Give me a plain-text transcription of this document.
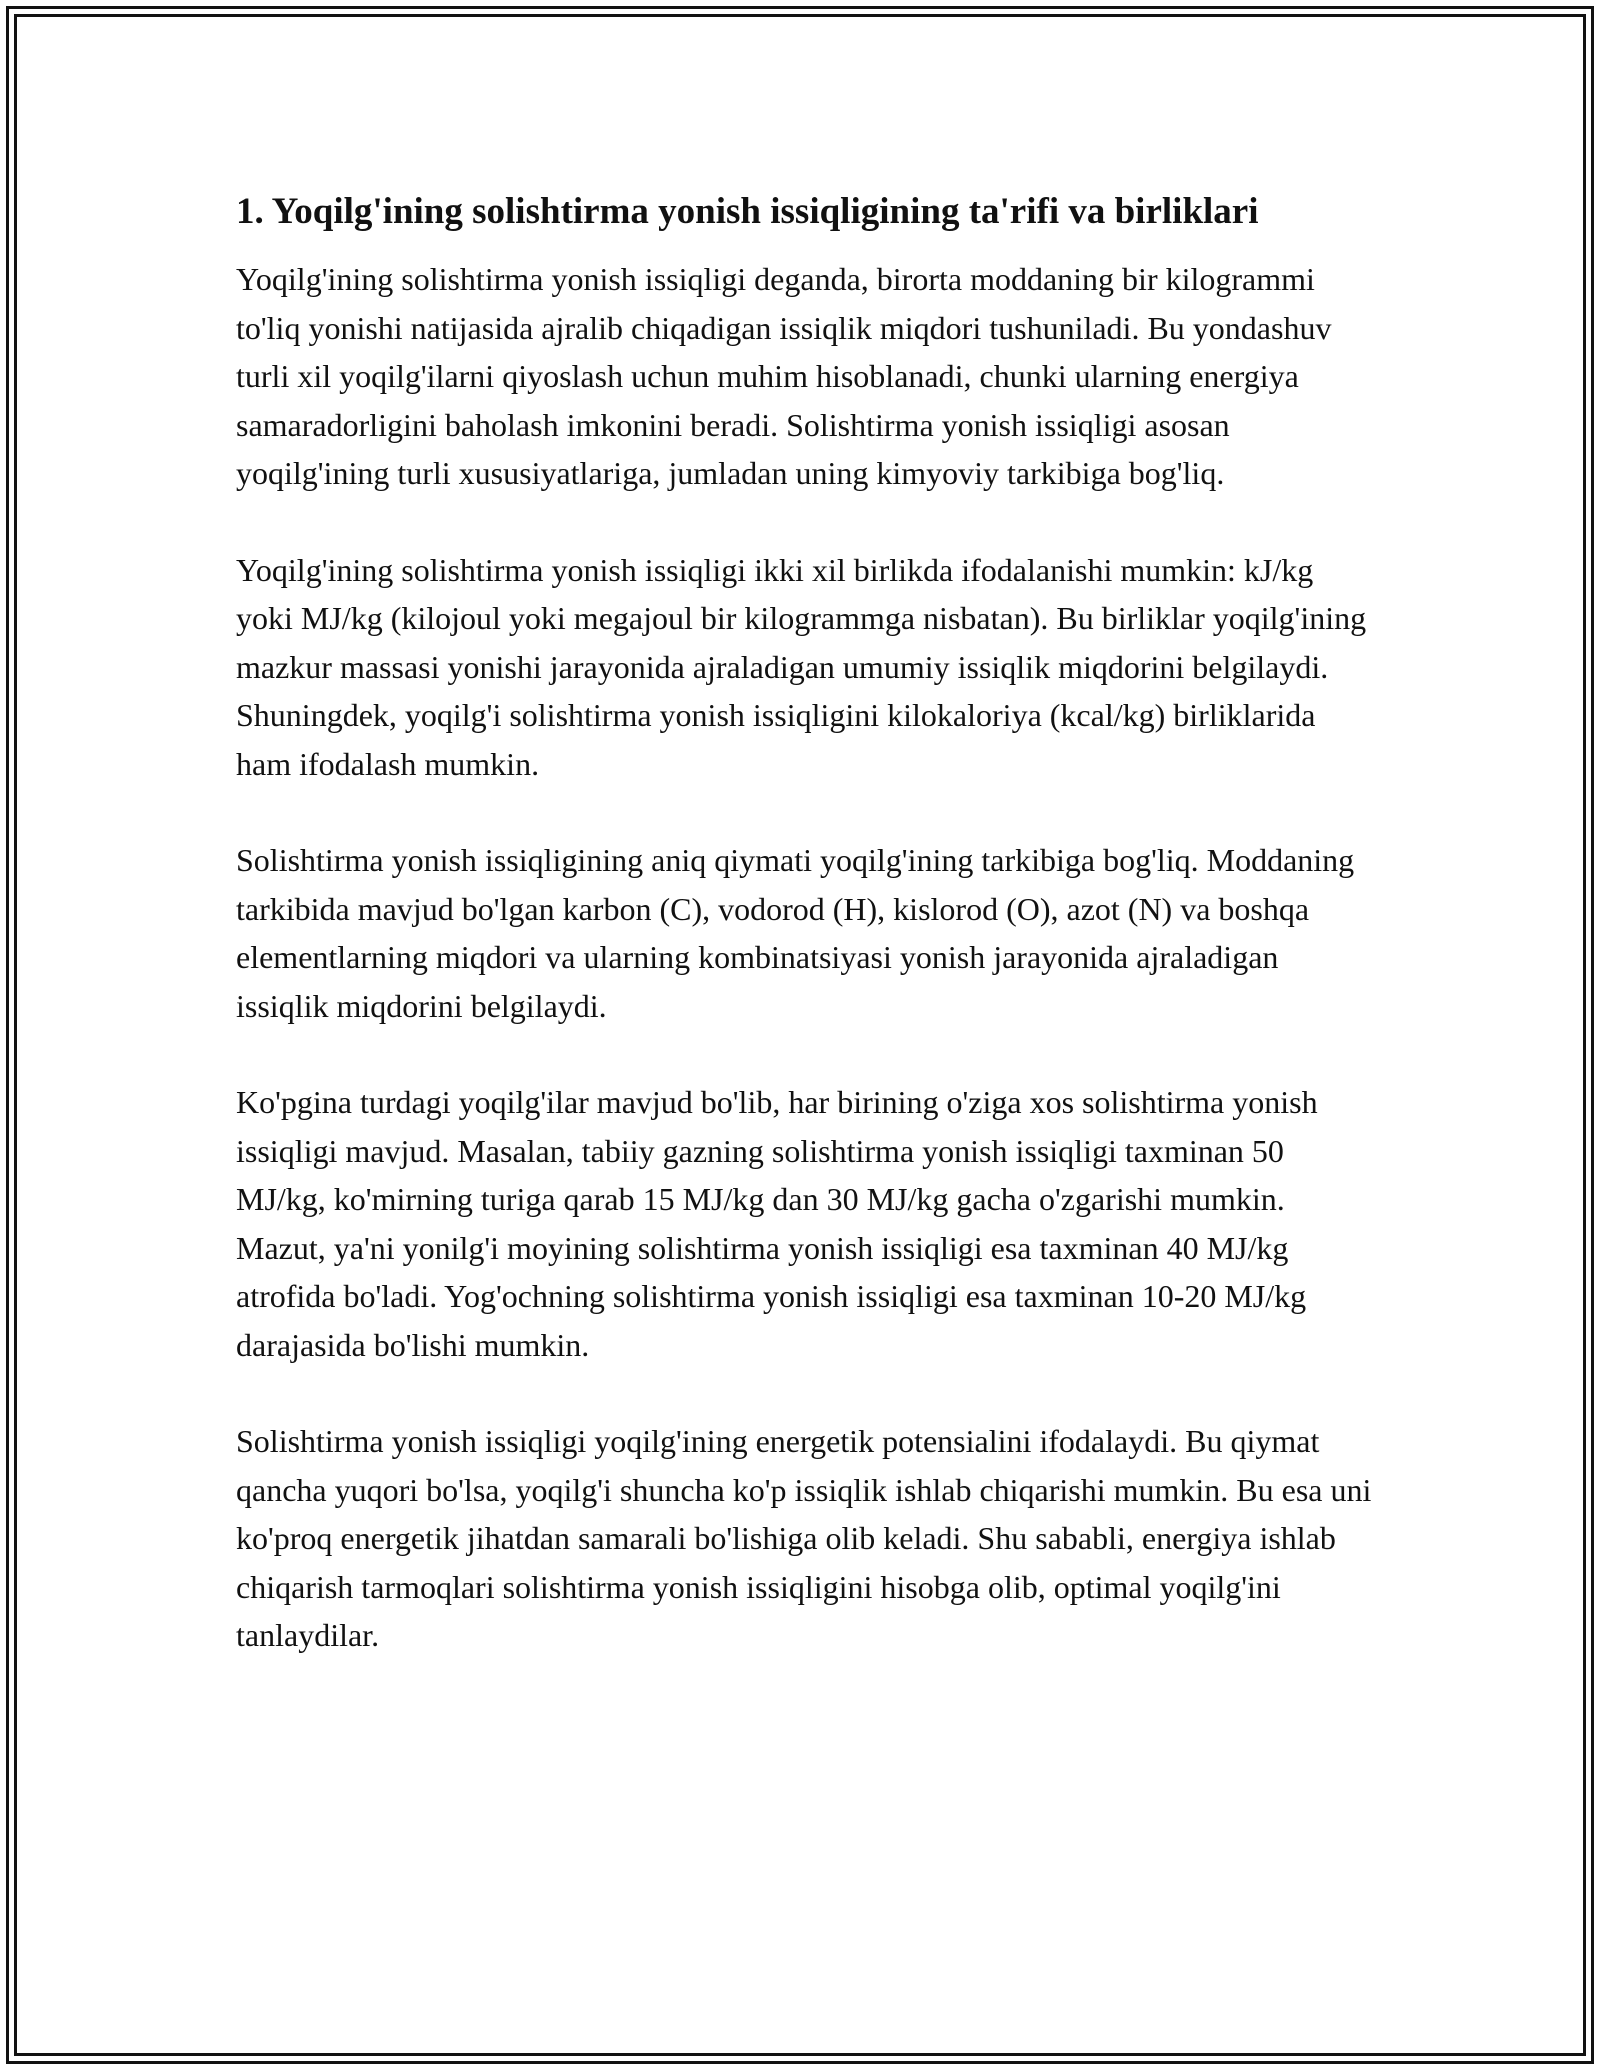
1. Yoqilg'ining solishtirma yonish issiqligining ta'rifi va birliklari

Yoqilg'ining solishtirma yonish issiqligi deganda, birorta moddaning bir kilogrammi to'liq yonishi natijasida ajralib chiqadigan issiqlik miqdori tushuniladi. Bu yondashuv turli xil yoqilg'ilarni qiyoslash uchun muhim hisoblanadi, chunki ularning energiya samaradorligini baholash imkonini beradi. Solishtirma yonish issiqligi asosan yoqilg'ining turli xususiyatlariga, jumladan uning kimyoviy tarkibiga bog'liq.

Yoqilg'ining solishtirma yonish issiqligi ikki xil birlikda ifodalanishi mumkin: kJ/kg yoki MJ/kg (kilojoul yoki megajoul bir kilogrammga nisbatan). Bu birliklar yoqilg'ining mazkur massasi yonishi jarayonida ajraladigan umumiy issiqlik miqdorini belgilaydi. Shuningdek, yoqilg'i solishtirma yonish issiqligini kilokaloriya (kcal/kg) birliklarida ham ifodalash mumkin.

Solishtirma yonish issiqligining aniq qiymati yoqilg'ining tarkibiga bog'liq. Moddaning tarkibida mavjud bo'lgan karbon (C), vodorod (H), kislorod (O), azot (N) va boshqa elementlarning miqdori va ularning kombinatsiyasi yonish jarayonida ajraladigan issiqlik miqdorini belgilaydi.

Ko'pgina turdagi yoqilg'ilar mavjud bo'lib, har birining o'ziga xos solishtirma yonish issiqligi mavjud. Masalan, tabiiy gazning solishtirma yonish issiqligi taxminan 50 MJ/kg, ko'mirning turiga qarab 15 MJ/kg dan 30 MJ/kg gacha o'zgarishi mumkin. Mazut, ya'ni yonilg'i moyining solishtirma yonish issiqligi esa taxminan 40 MJ/kg atrofida bo'ladi. Yog'ochning solishtirma yonish issiqligi esa taxminan 10-20 MJ/kg darajasida bo'lishi mumkin.

Solishtirma yonish issiqligi yoqilg'ining energetik potensialini ifodalaydi. Bu qiymat qancha yuqori bo'lsa, yoqilg'i shuncha ko'p issiqlik ishlab chiqarishi mumkin. Bu esa uni ko'proq energetik jihatdan samarali bo'lishiga olib keladi. Shu sababli, energiya ishlab chiqarish tarmoqlari solishtirma yonish issiqligini hisobga olib, optimal yoqilg'ini tanlaydilar.
